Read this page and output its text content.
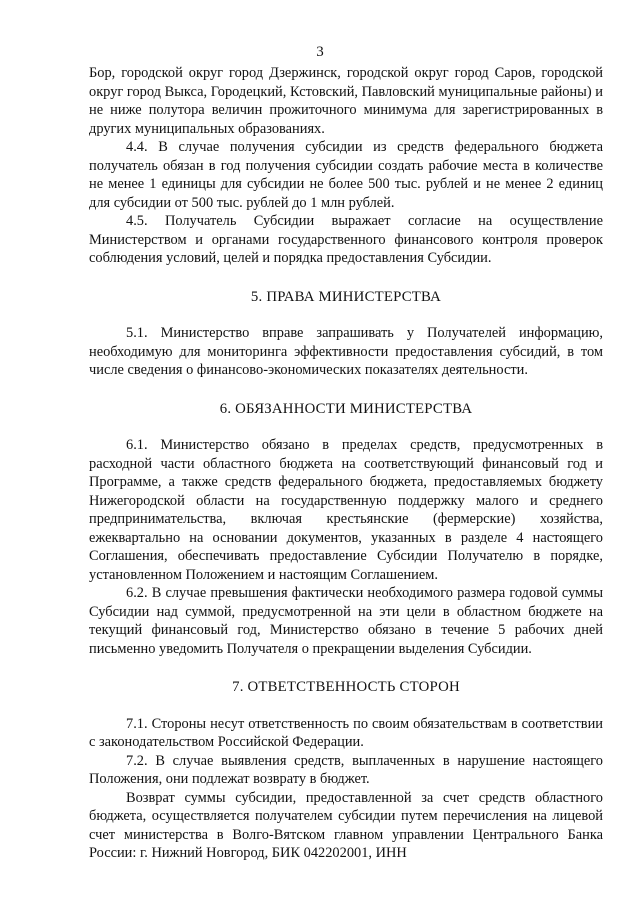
3

Бор, городской округ город Дзержинск, городской округ город Саров, городской округ город Выкса, Городецкий, Кстовский, Павловский муниципальные районы) и не ниже полутора величин прожиточного минимума для зарегистрированных в других муниципальных образованиях.

4.4. В случае получения субсидии из средств федерального бюджета получатель обязан в год получения субсидии создать рабочие места в количестве не менее 1 единицы для субсидии не более 500 тыс. рублей и не менее 2 единиц для субсидии от 500 тыс. рублей до 1 млн рублей.

4.5. Получатель Субсидии выражает согласие на осуществление Министерством и органами государственного финансового контроля проверок соблюдения условий, целей и порядка предоставления Субсидии.

5. ПРАВА МИНИСТЕРСТВА

5.1. Министерство вправе запрашивать у Получателей информацию, необходимую для мониторинга эффективности предоставления субсидий, в том числе сведения о финансово-экономических показателях деятельности.

6. ОБЯЗАННОСТИ МИНИСТЕРСТВА

6.1. Министерство обязано в пределах средств, предусмотренных в расходной части областного бюджета на соответствующий финансовый год и Программе, а также средств федерального бюджета, предоставляемых бюджету Нижегородской области на государственную поддержку малого и среднего предпринимательства, включая крестьянские (фермерские) хозяйства, ежеквартально на основании документов, указанных в разделе 4 настоящего Соглашения, обеспечивать предоставление Субсидии Получателю в порядке, установленном Положением и настоящим Соглашением.

6.2. В случае превышения фактически необходимого размера годовой суммы Субсидии над суммой, предусмотренной на эти цели в областном бюджете на текущий финансовый год, Министерство обязано в течение 5 рабочих дней письменно уведомить Получателя о прекращении выделения Субсидии.

7. ОТВЕТСТВЕННОСТЬ СТОРОН

7.1. Стороны несут ответственность по своим обязательствам в соответствии с законодательством Российской Федерации.

7.2. В случае выявления средств, выплаченных в нарушение настоящего Положения, они подлежат возврату в бюджет.

Возврат суммы субсидии, предоставленной за счет средств областного бюджета, осуществляется получателем субсидии путем перечисления на лицевой счет министерства в Волго-Вятском главном управлении Центрального Банка России: г. Нижний Новгород, БИК 042202001, ИНН
